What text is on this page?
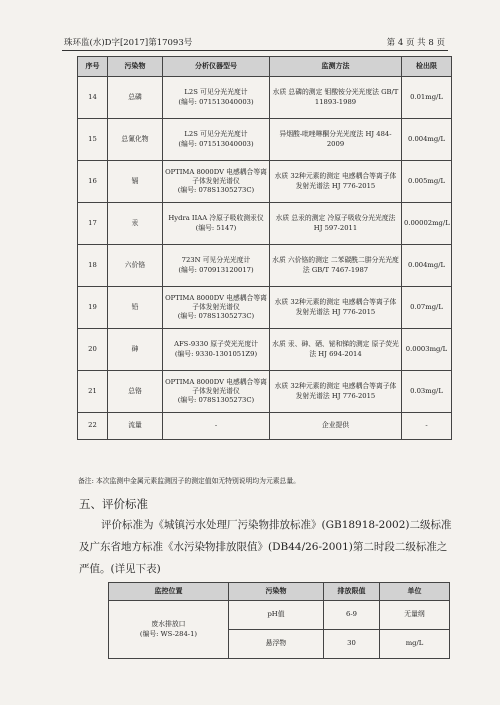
珠环监(水)D字[2017]第17093号	第 4 页 共 8 页
序号	污染物	分析仪器型号	监测方法	检出限
14	总磷	L2S 可见分光光度计
(编号: 071513040003)	水质 总磷的测定 钼酸铵分光光度法 GB/T 11893-1989	0.01mg/L
15	总氰化物	L2S 可见分光光度计
(编号: 071513040003)	异烟酸-吡唑啉酮分光光度法 HJ 484-2009	0.004mg/L
16	镉	OPTIMA 8000DV 电感耦合等离子体发射光谱仪
(编号: 078S1305273C)	水质 32种元素的测定 电感耦合等离子体发射光谱法 HJ 776-2015	0.005mg/L
17	汞	Hydra IIAA 冷原子吸收测汞仪
(编号: 5147)	水质 总汞的测定 冷原子吸收分光光度法
HJ 597-2011	0.00002mg/L
18	六价铬	723N 可见分光光度计
(编号: 070913120017)	水质 六价铬的测定 二苯碳酰二肼分光光度法 GB/T 7467-1987	0.004mg/L
19	铅	OPTIMA 8000DV 电感耦合等离子体发射光谱仪
(编号: 078S1305273C)	水质 32种元素的测定 电感耦合等离子体发射光谱法 HJ 776-2015	0.07mg/L
20	砷	AFS-9330 原子荧光光度计
(编号: 9330-1301051Z9)	水质 汞、砷、硒、铋和锑的测定 原子荧光法 HJ 694-2014	0.0003mg/L
21	总铬	OPTIMA 8000DV 电感耦合等离子体发射光谱仪
(编号: 078S1305273C)	水质 32种元素的测定 电感耦合等离子体发射光谱法 HJ 776-2015	0.03mg/L
22	流量	-	企业提供	-
备注: 本次监测中金属元素监测因子的测定值如无特别说明均为元素总量。
五、评价标准
评价标准为《城镇污水处理厂污染物排放标准》(GB18918-2002)二级标准及广东省地方标准《水污染物排放限值》(DB44/26-2001)第二时段二级标准之严值。(详见下表)
监控位置	污染物	排放限值	单位
废水排放口
(编号: WS-284-1)	pH值	6-9	无量纲
	悬浮物	30	mg/L
